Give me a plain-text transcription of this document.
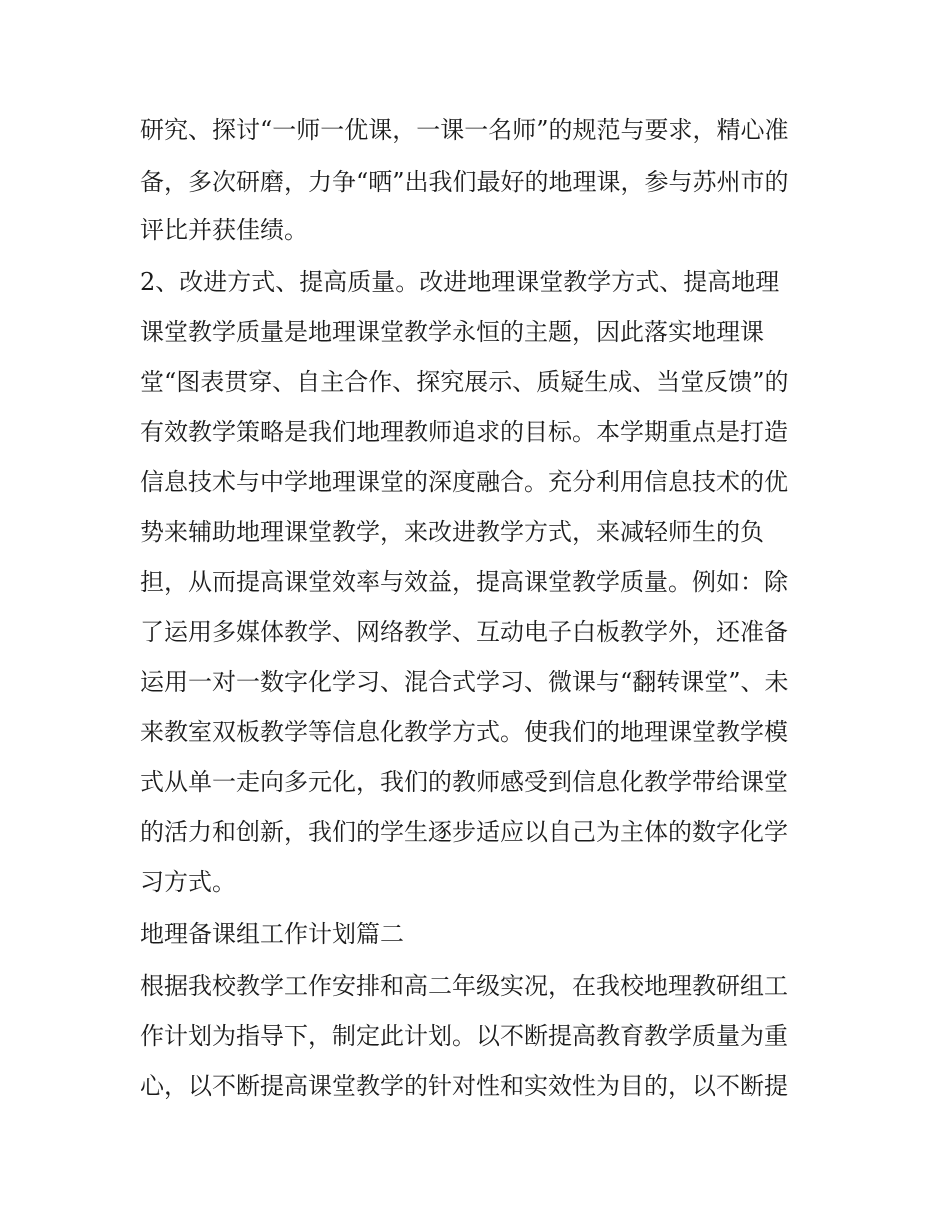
研究、探讨“一师一优课，一课一名师”的规范与要求，精心准
备，多次研磨，力争“晒”出我们最好的地理课，参与苏州市的
评比并获佳绩。
2、改进方式、提高质量。改进地理课堂教学方式、提高地理
课堂教学质量是地理课堂教学永恒的主题，因此落实地理课
堂“图表贯穿、自主合作、探究展示、质疑生成、当堂反馈”的
有效教学策略是我们地理教师追求的目标。本学期重点是打造
信息技术与中学地理课堂的深度融合。充分利用信息技术的优
势来辅助地理课堂教学，来改进教学方式，来减轻师生的负
担，从而提高课堂效率与效益，提高课堂教学质量。例如：除
了运用多媒体教学、网络教学、互动电子白板教学外，还准备
运用一对一数字化学习、混合式学习、微课与“翻转课堂”、未
来教室双板教学等信息化教学方式。使我们的地理课堂教学模
式从单一走向多元化，我们的教师感受到信息化教学带给课堂
的活力和创新，我们的学生逐步适应以自己为主体的数字化学
习方式。
地理备课组工作计划篇二
根据我校教学工作安排和高二年级实况，在我校地理教研组工
作计划为指导下，制定此计划。以不断提高教育教学质量为重
心，以不断提高课堂教学的针对性和实效性为目的，以不断提
